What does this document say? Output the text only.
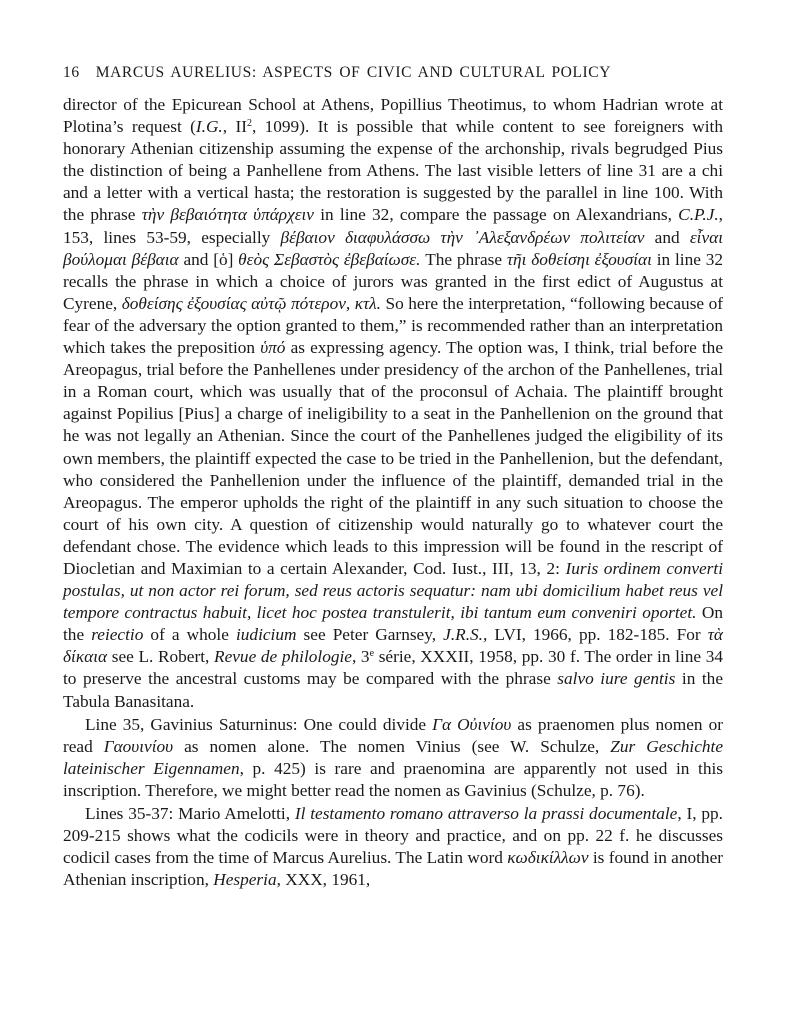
16 MARCUS AURELIUS: ASPECTS OF CIVIC AND CULTURAL POLICY

director of the Epicurean School at Athens, Popillius Theotimus, to whom Hadrian wrote at Plotina’s request (I.G., $II^2$, 1099). It is possible that while content to see foreigners with honorary Athenian citizenship assuming the expense of the archonship, rivals begrudged Pius the distinction of being a Panhellene from Athens. The last visible letters of line 31 are a chi and a letter with a vertical hasta; the restoration is suggested by the parallel in line 100. With the phrase τὴν βεβαιότητα ὑπάρχειν in line 32, compare the passage on Alexandrians, C.P.J., 153, lines 53-59, especially βέβαιον διαφυλάσσω τὴν ᾽Αλεξανδρέων πολιτείαν and εἶναι βούλομαι βέβαια and [ὁ] θεὸς Σεβαστὸς ἐβεβαίωσε. The phrase τῆι δοθείσηι ἐξουσίαι in line 32 recalls the phrase in which a choice of jurors was granted in the first edict of Augustus at Cyrene, δοθείσης ἐξουσίας αὐτῷ πότερον, κτλ. So here the interpretation, “following because of fear of the adversary the option granted to them,” is recommended rather than an interpretation which takes the preposition ὑπό as expressing agency. The option was, I think, trial before the Areopagus, trial before the Panhellenes under presidency of the archon of the Panhellenes, trial in a Roman court, which was usually that of the proconsul of Achaia. The plaintiff brought against Popilius [Pius] a charge of ineligibility to a seat in the Panhellenion on the ground that he was not legally an Athenian. Since the court of the Panhellenes judged the eligibility of its own members, the plaintiff expected the case to be tried in the Panhellenion, but the defendant, who considered the Panhellenion under the influence of the plaintiff, demanded trial in the Areopagus. The emperor upholds the right of the plaintiff in any such situation to choose the court of his own city. A question of citizenship would naturally go to whatever court the defendant chose. The evidence which leads to this impression will be found in the rescript of Diocletian and Maximian to a certain Alexander, Cod. Iust., III, 13, 2: Iuris ordinem converti postulas, ut non actor rei forum, sed reus actoris sequatur: nam ubi domicilium habet reus vel tempore contractus habuit, licet hoc postea transtulerit, ibi tantum eum conveniri oportet. On the reiectio of a whole iudicium see Peter Garnsey, J.R.S., LVI, 1966, pp. 182-185. For τὰ δίκαια see L. Robert, Revue de philologie, 3e série, XXXII, 1958, pp. 30 f. The order in line 34 to preserve the ancestral customs may be compared with the phrase salvo iure gentis in the Tabula Banasitana.

Line 35, Gavinius Saturninus: One could divide Γα Οὐινίου as praenomen plus nomen or read Γαουινίου as nomen alone. The nomen Vinius (see W. Schulze, Zur Geschichte lateinischer Eigennamen, p. 425) is rare and praenomina are apparently not used in this inscription. Therefore, we might better read the nomen as Gavinius (Schulze, p. 76).

Lines 35-37: Mario Amelotti, Il testamento romano attraverso la prassi documentale, I, pp. 209-215 shows what the codicils were in theory and practice, and on pp. 22 f. he discusses codicil cases from the time of Marcus Aurelius. The Latin word κωδικίλλων is found in another Athenian inscription, Hesperia, XXX, 1961,
